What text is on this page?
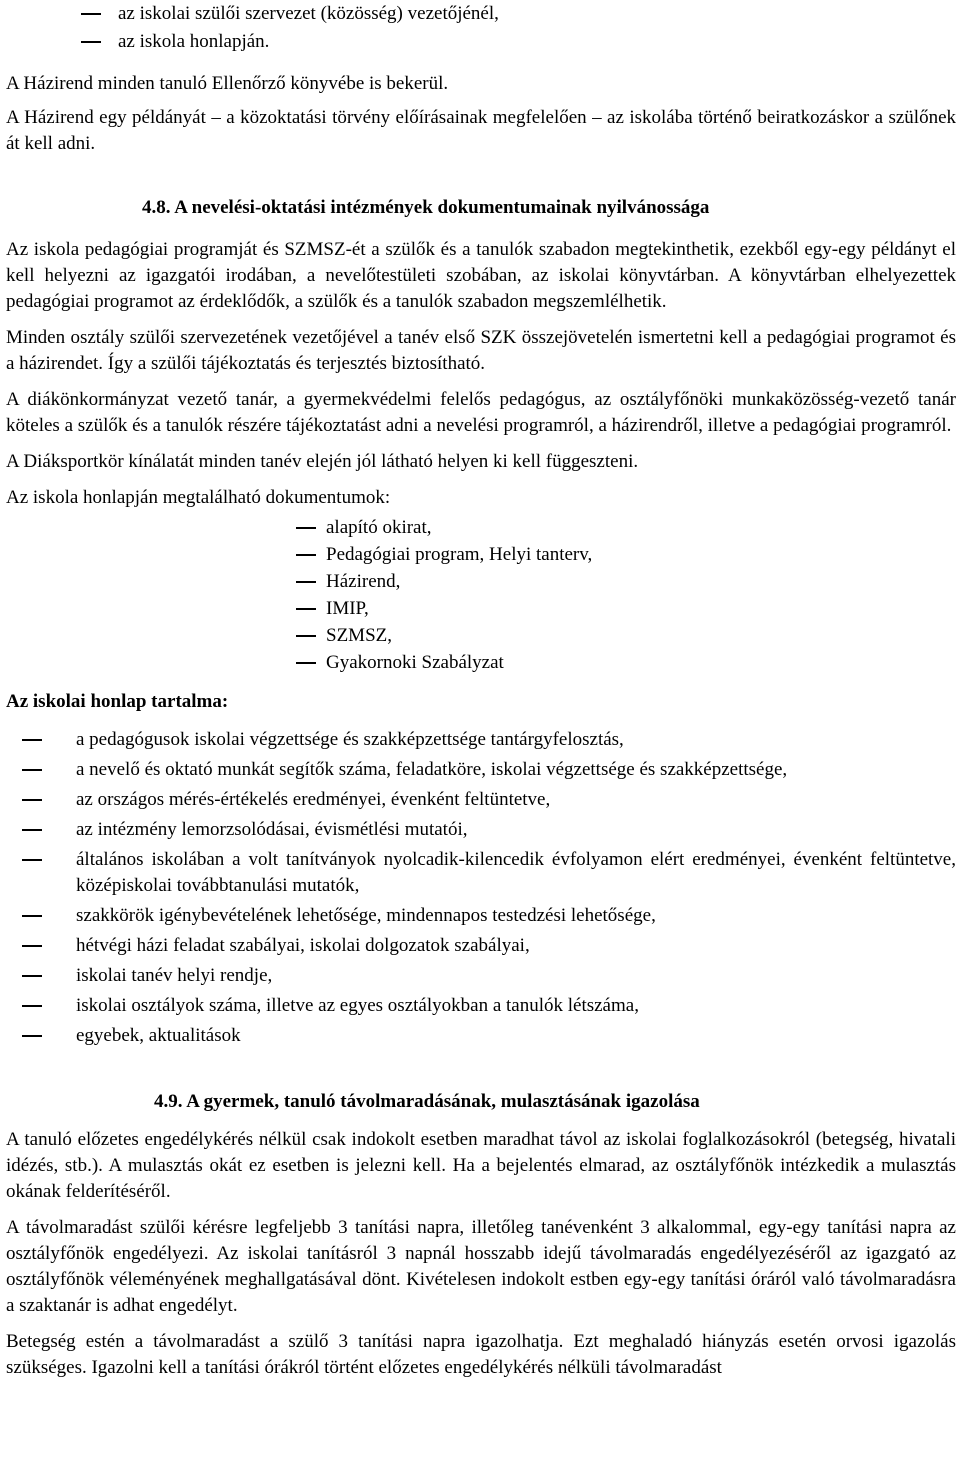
az iskolai szülői szervezet (közösség) vezetőjénél,
az iskola honlapján.

A Házirend minden tanuló Ellenőrző könyvébe is bekerül.

A Házirend egy példányát – a közoktatási törvény előírásainak megfelelően – az iskolába történő beiratkozáskor a szülőnek át kell adni.

4.8. A nevelési-oktatási intézmények dokumentumainak nyilvánossága

Az iskola pedagógiai programját és SZMSZ-ét a szülők és a tanulók szabadon megtekinthetik, ezekből egy-egy példányt el kell helyezni az igazgatói irodában, a nevelőtestületi szobában, az iskolai könyvtárban. A könyvtárban elhelyezettek pedagógiai programot az érdeklődők, a szülők és a tanulók szabadon megszemlélhetik.

Minden osztály szülői szervezetének vezetőjével a tanév első SZK összejövetelén ismertetni kell a pedagógiai programot és a házirendet. Így a szülői tájékoztatás és terjesztés biztosítható.

A diákönkormányzat vezető tanár, a gyermekvédelmi felelős pedagógus, az osztályfőnöki munkaközösség-vezető tanár köteles a szülők és a tanulók részére tájékoztatást adni a nevelési programról, a házirendről, illetve a pedagógiai programról.

A Diáksportkör kínálatát minden tanév elején jól látható helyen ki kell függeszteni.

Az iskola honlapján megtalálható dokumentumok:

alapító okirat,
Pedagógiai program, Helyi tanterv,
Házirend,
IMIP,
SZMSZ,
Gyakornoki Szabályzat
Az iskolai honlap tartalma:
a pedagógusok iskolai végzettsége és szakképzettsége tantárgyfelosztás,
a nevelő és oktató munkát segítők száma, feladatköre, iskolai végzettsége és szakképzettsége,
az országos mérés-értékelés eredményei, évenként feltüntetve,
az intézmény lemorzsolódásai, évismétlési mutatói,
általános iskolában a volt tanítványok nyolcadik-kilencedik évfolyamon elért eredményei, évenként feltüntetve, középiskolai továbbtanulási mutatók,
szakkörök igénybevételének lehetősége, mindennapos testedzési lehetősége,
hétvégi házi feladat szabályai, iskolai dolgozatok szabályai,
iskolai tanév helyi rendje,
iskolai osztályok száma, illetve az egyes osztályokban a tanulók létszáma,
egyebek, aktualitások
4.9. A gyermek, tanuló távolmaradásának, mulasztásának igazolása

A tanuló előzetes engedélykérés nélkül csak indokolt esetben maradhat távol az iskolai foglalkozásokról (betegség, hivatali idézés, stb.). A mulasztás okát ez esetben is jelezni kell. Ha a bejelentés elmarad, az osztályfőnök intézkedik a mulasztás okának felderítéséről.

A távolmaradást szülői kérésre legfeljebb 3 tanítási napra, illetőleg tanévenként 3 alkalommal, egy-egy tanítási napra az osztályfőnök engedélyezi. Az iskolai tanításról 3 napnál hosszabb idejű távolmaradás engedélyezéséről az igazgató az osztályfőnök véleményének meghallgatásával dönt. Kivételesen indokolt estben egy-egy tanítási óráról való távolmaradásra a szaktanár is adhat engedélyt.

Betegség estén a távolmaradást a szülő 3 tanítási napra igazolhatja. Ezt meghaladó hiányzás esetén orvosi igazolás szükséges. Igazolni kell a tanítási órákról történt előzetes engedélykérés nélküli távolmaradást
